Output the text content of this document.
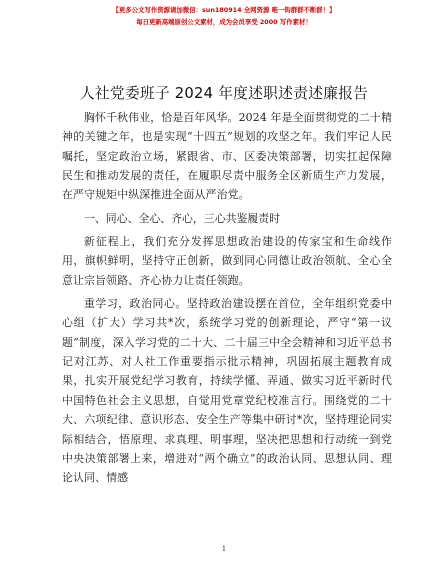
【更多公文写作资源请加微信：sun180914 全网资源 唯一钩群群不断群！】
每日更新高端原创公文素材，成为会员享受 2000 写作素材！
人社党委班子 2024 年度述职述责述廉报告

胸怀千秋伟业，恰是百年风华。2024 年是全面贯彻党的二十精神的关键之年，也是实现“十四五”规划的攻坚之年。我们牢记人民嘱托，坚定政治立场，紧跟省、市、区委决策部署，切实扛起保障民生和推动发展的责任，在履职尽责中服务全区新质生产力发展，在严守规矩中纵深推进全面从严治党。

一、同心、全心、齐心，三心共鉴履责时

新征程上，我们充分发挥思想政治建设的传家宝和生命线作用，旗帜鲜明，坚持守正创新，做到同心同德让政治领航、全心全意让宗旨领路、齐心协力让责任领跑。

重学习，政治同心。坚持政治建设摆在首位，全年组织党委中心组（扩大）学习共*次，系统学习党的创新理论，严守“第一议题”制度，深入学习党的二十大、二十届三中全会精神和习近平总书记对江苏、对人社工作重要指示批示精神，巩固拓展主题教育成果，扎实开展党纪学习教育，持续学懂、弄通、做实习近平新时代中国特色社会主义思想，自觉用党章党纪校准言行。围绕党的二十大、六项纪律、意识形态、安全生产等集中研讨*次，坚持理论同实际相结合，悟原理、求真理、明事理，坚决把思想和行动统一到党中央决策部署上来，增进对“两个确立”的政治认同、思想认同、理论认同、情感

1
